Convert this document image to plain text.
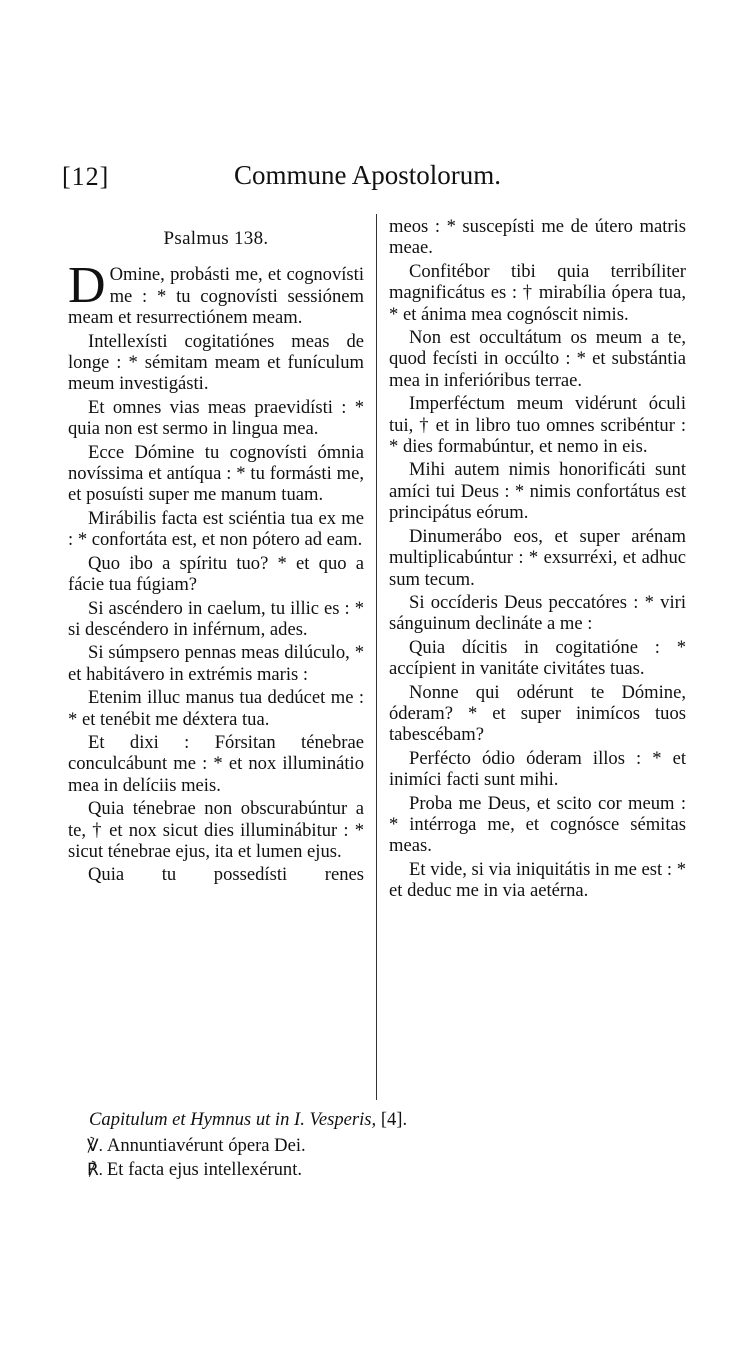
[12]	Commune Apostolorum.
Psalmus 138.

D Omine, probásti me, et cognovísti me : * tu cognovísti sessiónem meam et resurrectiónem meam.

Intellexísti cogitatiónes meas de longe : * sémitam meam et funículum meum investigásti.

Et omnes vias meas praevidísti : * quia non est sermo in lingua mea.

Ecce Dómine tu cognovísti ómnia novíssima et antíqua : * tu formásti me, et posuísti super me manum tuam.

Mirábilis facta est sciéntia tua ex me : * confortáta est, et non pótero ad eam.

Quo ibo a spíritu tuo? * et quo a fácie tua fúgiam?

Si ascéndero in caelum, tu illic es : * si descéndero in inférnum, ades.

Si súmpsero pennas meas dilúculo, * et habitávero in extrémis maris :

Etenim illuc manus tua dedúcet me : * et tenébit me déxtera tua.

Et dixi : Fórsitan ténebrae conculcábunt me : * et nox illuminátio mea in delíciis meis.

Quia ténebrae non obscurabúntur a te, † et nox sicut dies illuminábitur : * sicut ténebrae ejus, ita et lumen ejus.

Quia tu possedísti renes

meos : * suscepísti me de útero matris meae.

Confitébor tibi quia terribíliter magnificátus es : † mirabília ópera tua, * et ánima mea cognóscit nimis.

Non est occultátum os meum a te, quod fecísti in occúlto : * et substántia mea in inferióribus terrae.

Imperféctum meum vidérunt óculi tui, † et in libro tuo omnes scribéntur : * dies formabúntur, et nemo in eis.

Mihi autem nimis honorificáti sunt amíci tui Deus : * nimis confortátus est principátus eórum.

Dinumerábo eos, et super arénam multiplicabúntur : * exsurréxi, et adhuc sum tecum.

Si occíderis Deus peccatóres : * viri sánguinum declináte a me :

Quia dícitis in cogitatióne : * accípient in vanitáte civitátes tuas.

Nonne qui odérunt te Dómine, óderam? * et super inimícos tuos tabescébam?

Perfécto ódio óderam illos : * et inimíci facti sunt mihi.

Proba me Deus, et scito cor meum : * intérroga me, et cognósce sémitas meas.

Et vide, si via iniquitátis in me est : * et deduc me in via aetérna.

Capitulum et Hymnus ut in I. Vesperis, [4].
℣. Annuntiavérunt ópera Dei.
℟. Et facta ejus intellexérunt.
